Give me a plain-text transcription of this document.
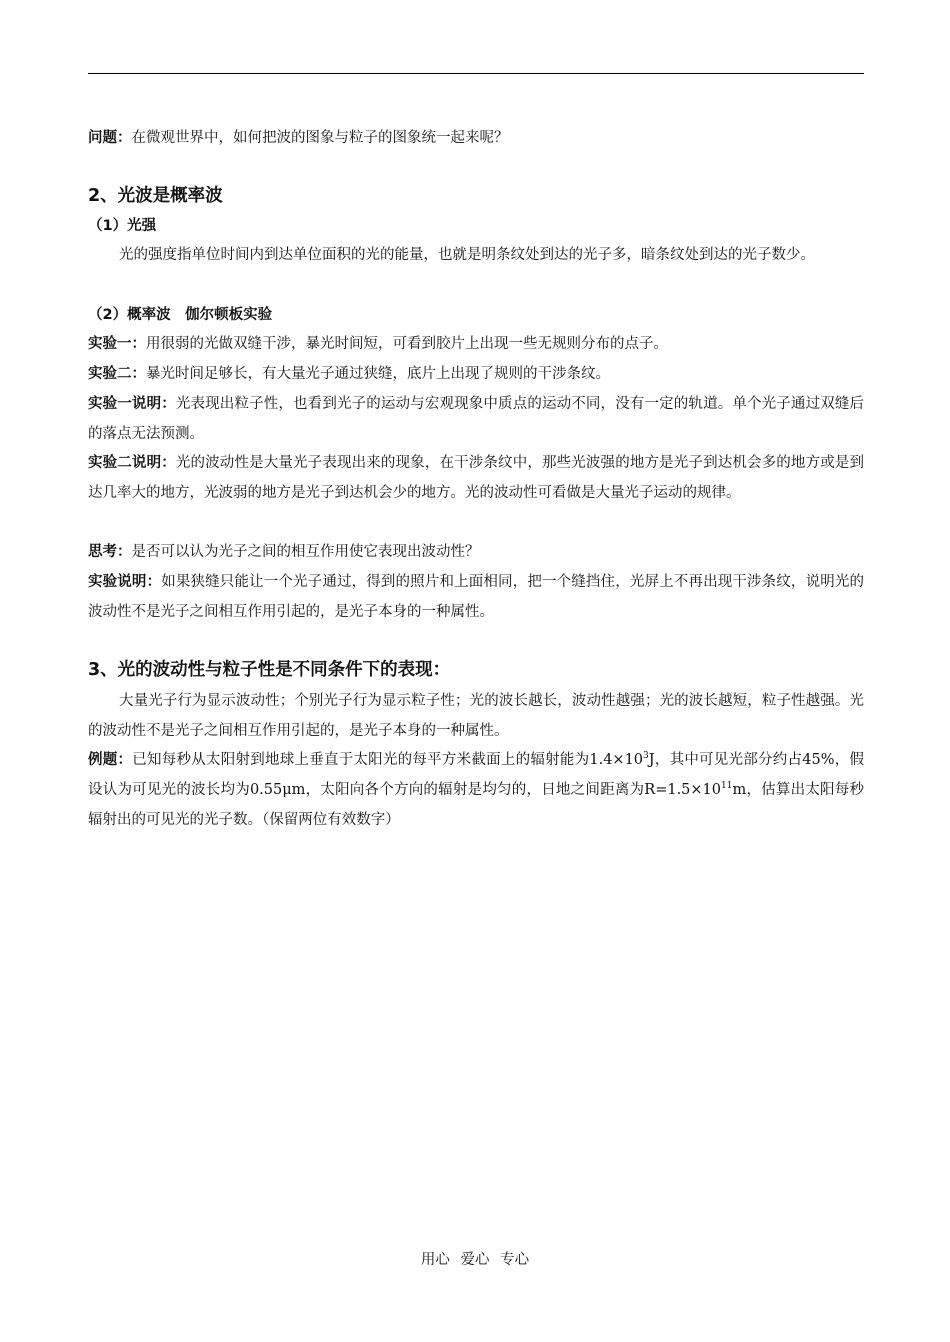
问题：在微观世界中，如何把波的图象与粒子的图象统一起来呢？
2、光波是概率波
（1）光强
光的强度指单位时间内到达单位面积的光的能量，也就是明条纹处到达的光子多，暗条纹处到达的光子数少。
（2）概率波　伽尔顿板实验
实验一：用很弱的光做双缝干涉，暴光时间短，可看到胶片上出现一些无规则分布的点子。
实验二：暴光时间足够长，有大量光子通过狭缝，底片上出现了规则的干涉条纹。
实验一说明：光表现出粒子性，也看到光子的运动与宏观现象中质点的运动不同，没有一定的轨道。单个光子通过双缝后的落点无法预测。
实验二说明：光的波动性是大量光子表现出来的现象，在干涉条纹中，那些光波强的地方是光子到达机会多的地方或是到达几率大的地方，光波弱的地方是光子到达机会少的地方。光的波动性可看做是大量光子运动的规律。
思考：是否可以认为光子之间的相互作用使它表现出波动性？
实验说明：如果狭缝只能让一个光子通过，得到的照片和上面相同，把一个缝挡住，光屏上不再出现干涉条纹，说明光的波动性不是光子之间相互作用引起的，是光子本身的一种属性。
3、光的波动性与粒子性是不同条件下的表现：
大量光子行为显示波动性；个别光子行为显示粒子性；光的波长越长，波动性越强；光的波长越短，粒子性越强。光的波动性不是光子之间相互作用引起的，是光子本身的一种属性。
例题：已知每秒从太阳射到地球上垂直于太阳光的每平方米截面上的辐射能为$1.4\times 10^3J$，其中可见光部分约占45%，假设认为可见光的波长均为0.55μm，太阳向各个方向的辐射是均匀的，日地之间距离为$R=1.5\times 10^{11}m$，估算出太阳每秒辐射出的可见光的光子数。（保留两位有效数字）
用心 爱心 专心
